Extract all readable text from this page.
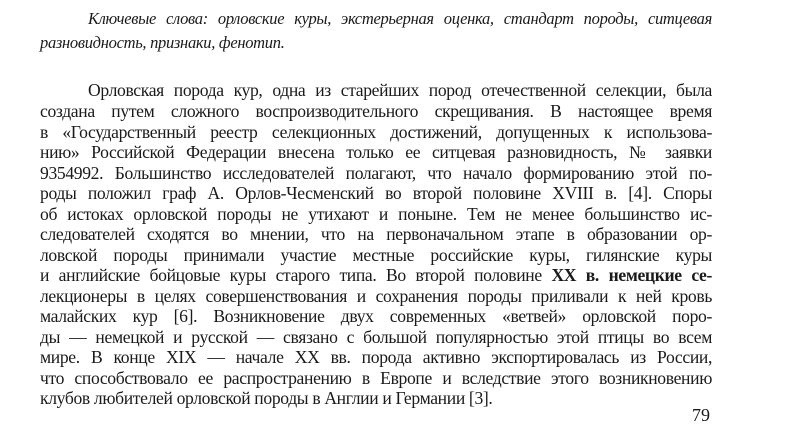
Ключевые слова: орловские куры, экстерьерная оценка, стандарт породы, ситцевая
разновидность, признаки, фенотип.
Орловская порода кур, одна из старейших пород отечественной селекции, была
создана путем сложного воспроизводительного скрещивания. В настоящее время
в «Государственный реестр селекционных достижений, допущенных к использова-
нию» Российской Федерации внесена только ее ситцевая разновидность, № заявки
9354992. Большинство исследователей полагают, что начало формированию этой по-
роды положил граф А. Орлов-Чесменский во второй половине XVIII в. [4]. Споры
об истоках орловской породы не утихают и поныне. Тем не менее большинство ис-
следователей сходятся во мнении, что на первоначальном этапе в образовании ор-
ловской породы принимали участие местные российские куры, гилянские куры
и английские бойцовые куры старого типа. Во второй половине XX в. немецкие се-
лекционеры в целях совершенствования и сохранения породы приливали к ней кровь
малайских кур [6]. Возникновение двух современных «ветвей» орловской поро-
ды — немецкой и русской — связано с большой популярностью этой птицы во всем
мире. В конце XIX — начале XX вв. порода активно экспортировалась из России,
что способствовало ее распространению в Европе и вследствие этого возникновению
клубов любителей орловской породы в Англии и Германии [3].
79
